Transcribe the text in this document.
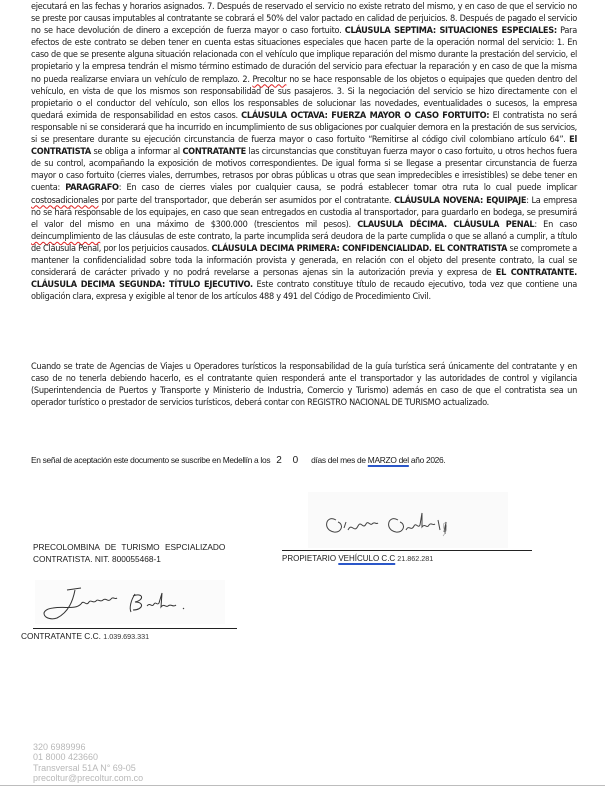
ejecutará en las fechas y horarios asignados. 7. Después de reservado el servicio no existe retrato del mismo, y en caso de que el servicio no se preste por causas imputables al contratante se cobrará el 50% del valor pactado en calidad de perjuicios. 8. Después de pagado el servicio no se hace devolución de dinero a excepción de fuerza mayor o caso fortuito. CLÁUSULA SEPTIMA: SITUACIONES ESPECIALES: Para efectos de este contrato se deben tener en cuenta estas situaciones especiales que hacen parte de la operación normal del servicio: 1. En caso de que se presente alguna situación relacionada con el vehículo que implique reparación del mismo durante la prestación del servicio, el propietario y la empresa tendrán el mismo término estimado de duración del servicio para efectuar la reparación y en caso de que la misma no pueda realizarse enviara un vehículo de remplazo. 2. Precoltur no se hace responsable de los objetos o equipajes que queden dentro del vehículo, en vista de que los mismos son responsabilidad de sus pasajeros. 3. Si la negociación del servicio se hizo directamente con el propietario o el conductor del vehículo, son ellos los responsables de solucionar las novedades, eventualidades o sucesos, la empresa quedará eximida de responsabilidad en estos casos. CLÁUSULA OCTAVA: FUERZA MAYOR O CASO FORTUITO: El contratista no será responsable ni se considerará que ha incurrido en incumplimiento de sus obligaciones por cualquier demora en la prestación de sus servicios, si se presentare durante su ejecución circunstancia de fuerza mayor o caso fortuito “Remitirse al código civil colombiano artículo 64”. El CONTRATISTA se obliga a informar al CONTRATANTE las circunstancias que constituyan fuerza mayor o caso fortuito, u otros hechos fuera de su control, acompañando la exposición de motivos correspondientes. De igual forma si se llegase a presentar circunstancia de fuerza mayor o caso fortuito (cierres viales, derrumbes, retrasos por obras públicas u otras que sean impredecibles e irresistibles) se debe tener en cuenta: PARAGRAFO: En caso de cierres viales por cualquier causa, se podrá establecer tomar otra ruta lo cual puede implicar costosadicionales por parte del transportador, que deberán ser asumidos por el contratante. CLÁUSULA NOVENA: EQUIPAJE: La empresa no se hará responsable de los equipajes, en caso que sean entregados en custodia al transportador, para guardarlo en bodega, se presumirá el valor del mismo en una máximo de $300.000 (trescientos mil pesos). CLAUSULA DÉCIMA. CLÁUSULA PENAL: En caso deincumplimiento de las cláusulas de este contrato, la parte incumplida será deudora de la parte cumplida o que se allanó a cumplir, a título de Cláusula Penal, por los perjuicios causados. CLÁUSULA DECIMA PRIMERA: CONFIDENCIALIDAD. EL CONTRATISTA se compromete a mantener la confidencialidad sobre toda la información provista y generada, en relación con el objeto del presente contrato, la cual se considerará de carácter privado y no podrá revelarse a personas ajenas sin la autorización previa y expresa de EL CONTRATANTE. CLÁUSULA DECIMA SEGUNDA: TÍTULO EJECUTIVO. Este contrato constituye título de recaudo ejecutivo, toda vez que contiene una obligación clara, expresa y exigible al tenor de los artículos 488 y 491 del Código de Procedimiento Civil.
Cuando se trate de Agencias de Viajes u Operadores turísticos la responsabilidad de la guía turística será únicamente del contratante y en caso de no tenerla debiendo hacerlo, es el contratante quien responderá ante el transportador y las autoridades de control y vigilancia (Superintendencia de Puertos y Transporte y Ministerio de Industria, Comercio y Turismo) además en caso de que el contratista sea un operador turístico o prestador de servicios turísticos, deberá contar con REGISTRO NACIONAL DE TURISMO actualizado.
En señal de aceptación este documento se suscribe en Medellín a los 2 0 días del mes de MARZO del año 2026.
PROPIETARIO VEHÍCULO C.C 21.862.281
PRECOLOMBINA DE TURISMO ESPCIALIZADO
CONTRATISTA. NIT. 800055468-1
CONTRATANTE C.C. 1.039.693.331
320 6989996
01 8000 423660
Transversal 51A N° 69-05
precoltur@precoltur.com.co
